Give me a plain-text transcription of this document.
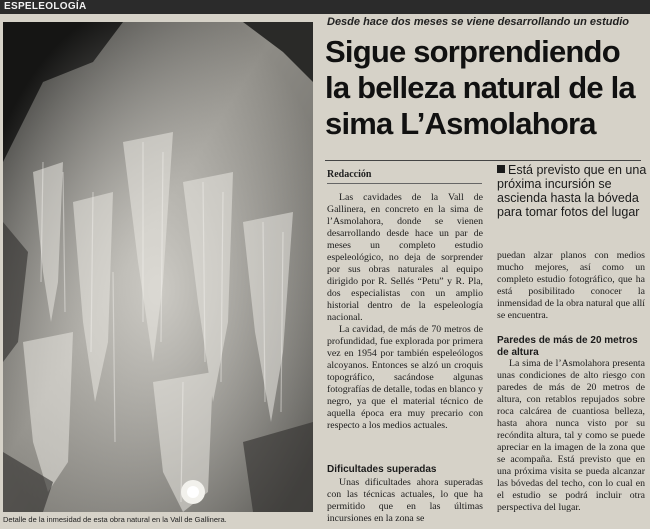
ESPELEOLOGÍA
Detalle de la inmesidad de esta obra natural en la Vall de Gallinera.
Desde hace dos meses se viene desarrollando un estudio
Sigue sorprendiendo la belleza natural de la sima L’Asmolahora
Redacción	Está previsto que en una próxima incursión se ascienda hasta la bóveda para tomar fotos del lugar

Las cavidades de la Vall de Gallinera, en concreto en la sima de l’Asmolahora, donde se vienen desarrollando desde hace un par de meses un completo estudio espeleológico, no deja de sorprender por sus obras naturales al equipo dirigido por R. Sellés “Petu” y R. Pla, dos especialistas con un amplio historial dentro de la espeleología nacional.

La cavidad, de más de 70 metros de profundidad, fue explorada por primera vez en 1954 por también espeleólogos alcoyanos. Entonces se alzó un croquis topográfico, sacándose algunas fotografías de detalle, todas en blanco y negro, ya que el material técnico de aquella época era muy precario con respecto a los medios actuales.

Dificultades superadas

Unas dificultades ahora superadas con las técnicas actuales, lo que ha permitido que en las últimas incursiones en la zona se

puedan alzar planos con medios mucho mejores, así como un completo estudio fotográfico, que ha está posibilitado conocer la inmensidad de la obra natural que allí se encuentra.

Paredes de más de 20 metros de altura

La sima de l’Asmolahora presenta unas condiciones de alto riesgo con paredes de más de 20 metros de altura, con retablos repujados sobre roca calcárea de cuantiosa belleza, hasta ahora nunca visto por su recóndita altura, tal y como se puede apreciar en la imagen de la zona que se acompaña. Está previsto que en una próxima visita se pueda alcanzar las bóvedas del techo, con lo cual en el estudio se podrá incluir otra perspectiva del lugar.
